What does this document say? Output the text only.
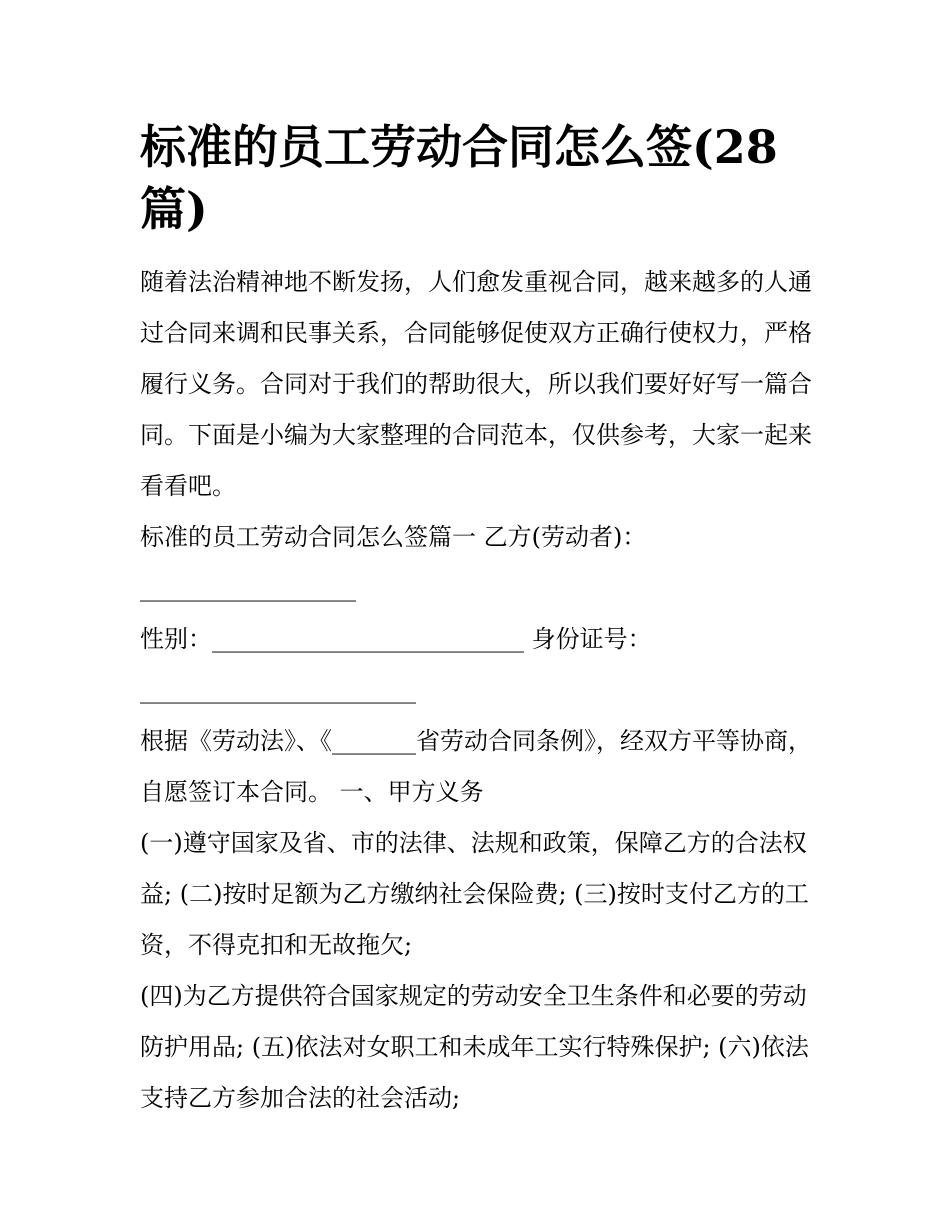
标准的员工劳动合同怎么签(28篇)

随着法治精神地不断发扬，人们愈发重视合同，越来越多的人通过合同来调和民事关系，合同能够促使双方正确行使权力，严格履行义务。合同对于我们的帮助很大，所以我们要好好写一篇合同。下面是小编为大家整理的合同范本，仅供参考，大家一起来看看吧。

标准的员工劳动合同怎么签篇一 乙方(劳动者)：__________________

性别：__________________________ 身份证号：_______________________

根据《劳动法》、《_______省劳动合同条例》，经双方平等协商，自愿签订本合同。 一、甲方义务

(一)遵守国家及省、市的法律、法规和政策，保障乙方的合法权益; (二)按时足额为乙方缴纳社会保险费; (三)按时支付乙方的工资，不得克扣和无故拖欠;

(四)为乙方提供符合国家规定的劳动安全卫生条件和必要的劳动防护用品; (五)依法对女职工和未成年工实行特殊保护; (六)依法支持乙方参加合法的社会活动;
